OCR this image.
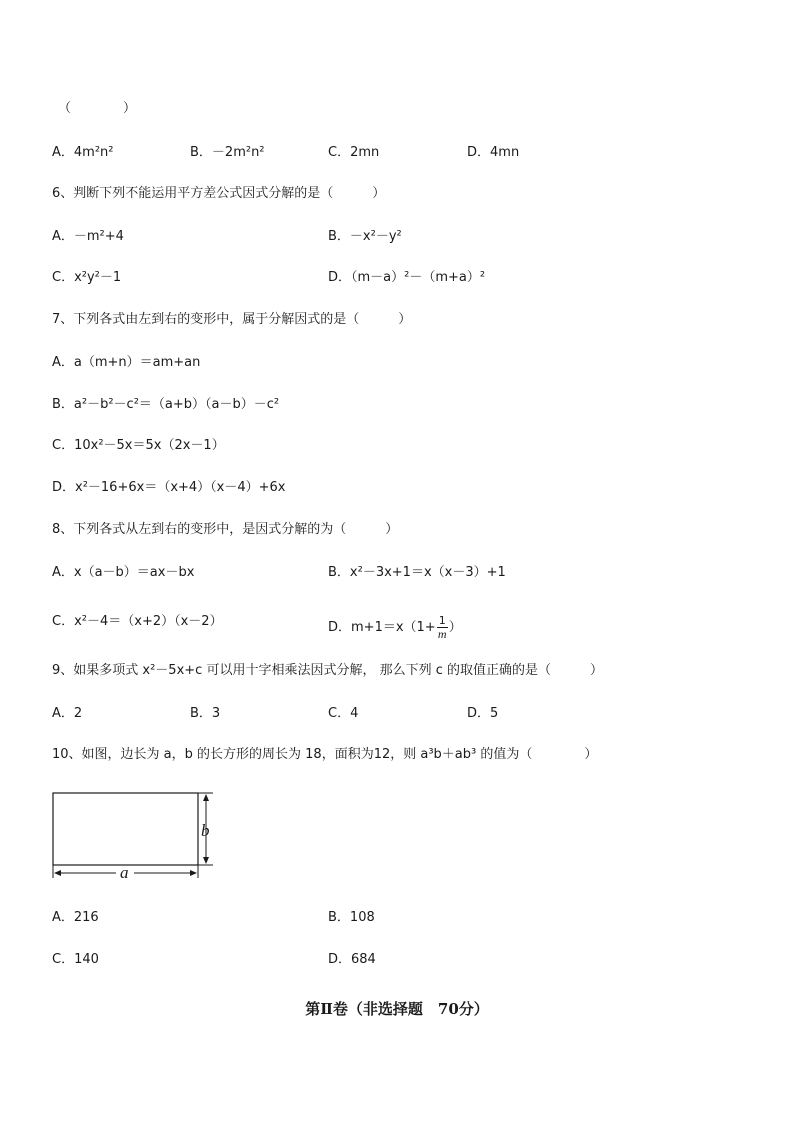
（　　　　）
A．4m²n²	B．－2m²n²	C．2mn	D．4mn
6、判断下列不能运用平方差公式因式分解的是（　　　）
A．－m²+4	B．－x²－y²
C．x²y²－1	D．（m－a）²－（m+a）²
7、下列各式由左到右的变形中，属于分解因式的是（　　　）
A．a（m+n）＝am+an
B．a²－b²－c²＝（a+b）（a－b）－c²
C．10x²－5x＝5x（2x－1）
D．x²－16+6x＝（x+4）（x－4）+6x
8、下列各式从左到右的变形中，是因式分解的为（　　　）
A．x（a－b）＝ax－bx	B．x²－3x+1＝x（x－3）+1
C．x²－4＝（x+2）（x－2）	D．$m+1=x(1+ \frac{1}{m}$ ）
9、如果多项式 x²－5x+c 可以用十字相乘法因式分解， 那么下列 c 的取值正确的是（　　　）
A．2	B．3	C．4	D．5
10、如图，边长为 a，b 的长方形的周长为 18，面积为12，则 a³b＋ab³ 的值为（　　　　）
b
a
A．216	B．108
C．140	D．684
第Ⅱ卷（非选择题　70分）
